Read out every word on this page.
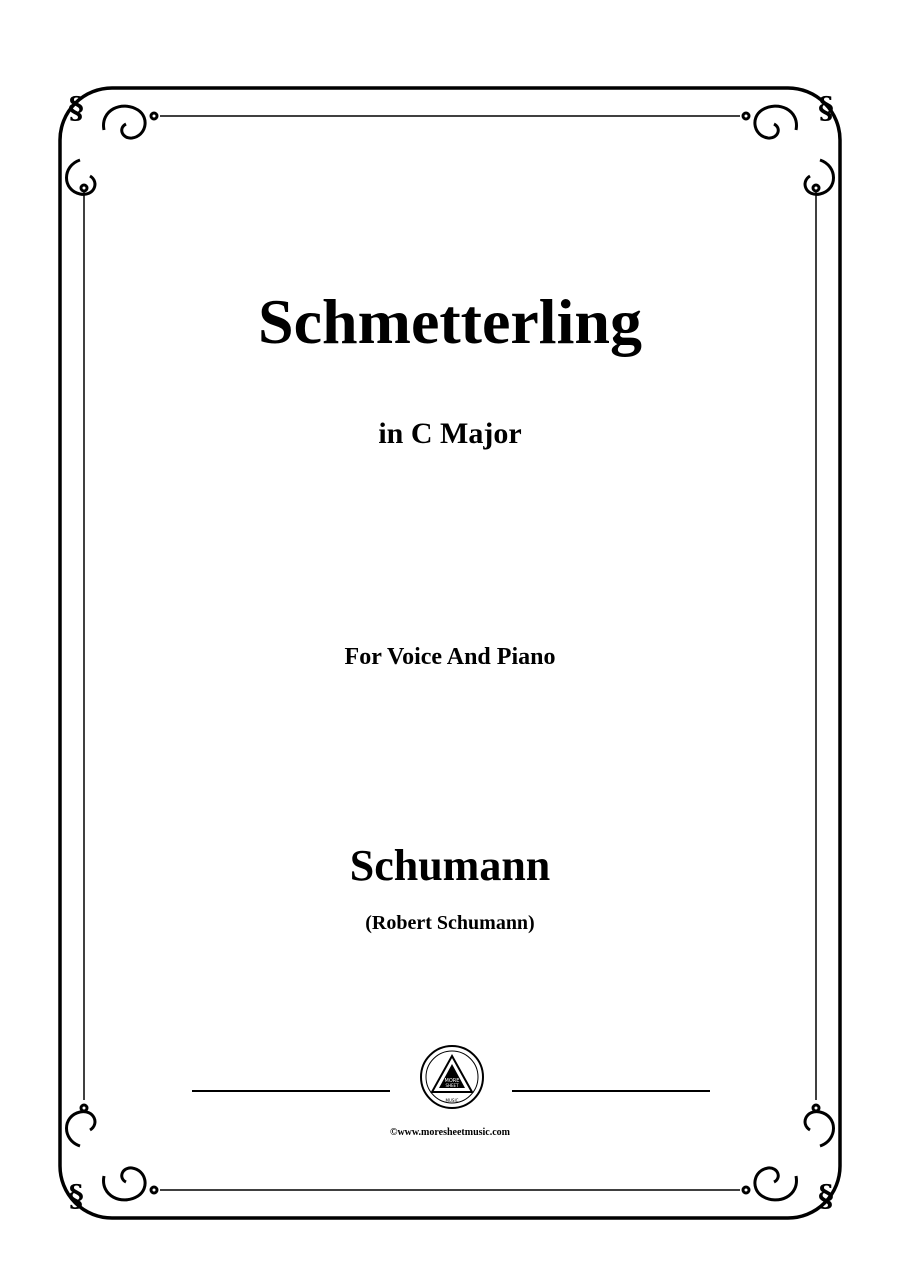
§	§
§	§
Schmetterling
in C Major
For Voice And Piano
Schumann
(Robert Schumann)
MORE
SHEET
MUSIC
©www.moresheetmusic.com
